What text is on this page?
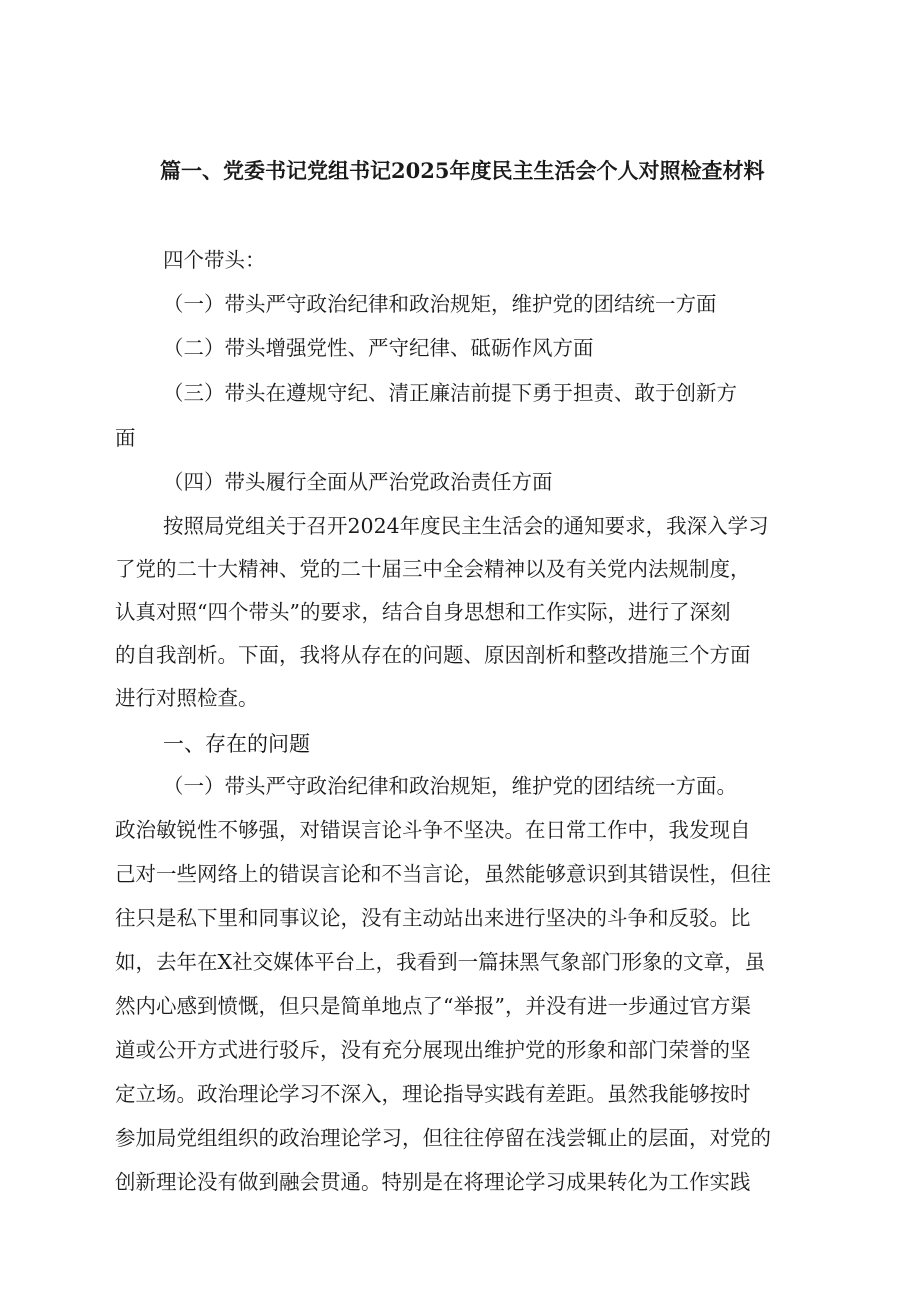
篇一、党委书记党组书记2025年度民主生活会个人对照检查材料
四个带头：
（一）带头严守政治纪律和政治规矩，维护党的团结统一方面
（二）带头增强党性、严守纪律、砥砺作风方面
（三）带头在遵规守纪、清正廉洁前提下勇于担责、敢于创新方
面
（四）带头履行全面从严治党政治责任方面
按照局党组关于召开2024年度民主生活会的通知要求，我深入学习
了党的二十大精神、党的二十届三中全会精神以及有关党内法规制度，
认真对照“四个带头”的要求，结合自身思想和工作实际，进行了深刻
的自我剖析。下面，我将从存在的问题、原因剖析和整改措施三个方面
进行对照检查。
一、存在的问题
（一）带头严守政治纪律和政治规矩，维护党的团结统一方面。
政治敏锐性不够强，对错误言论斗争不坚决。在日常工作中，我发现自
己对一些网络上的错误言论和不当言论，虽然能够意识到其错误性，但往
往只是私下里和同事议论，没有主动站出来进行坚决的斗争和反驳。比
如，去年在X社交媒体平台上，我看到一篇抹黑气象部门形象的文章，虽
然内心感到愤慨，但只是简单地点了“举报”，并没有进一步通过官方渠
道或公开方式进行驳斥，没有充分展现出维护党的形象和部门荣誉的坚
定立场。政治理论学习不深入，理论指导实践有差距。虽然我能够按时
参加局党组组织的政治理论学习，但往往停留在浅尝辄止的层面，对党的
创新理论没有做到融会贯通。特别是在将理论学习成果转化为工作实践
